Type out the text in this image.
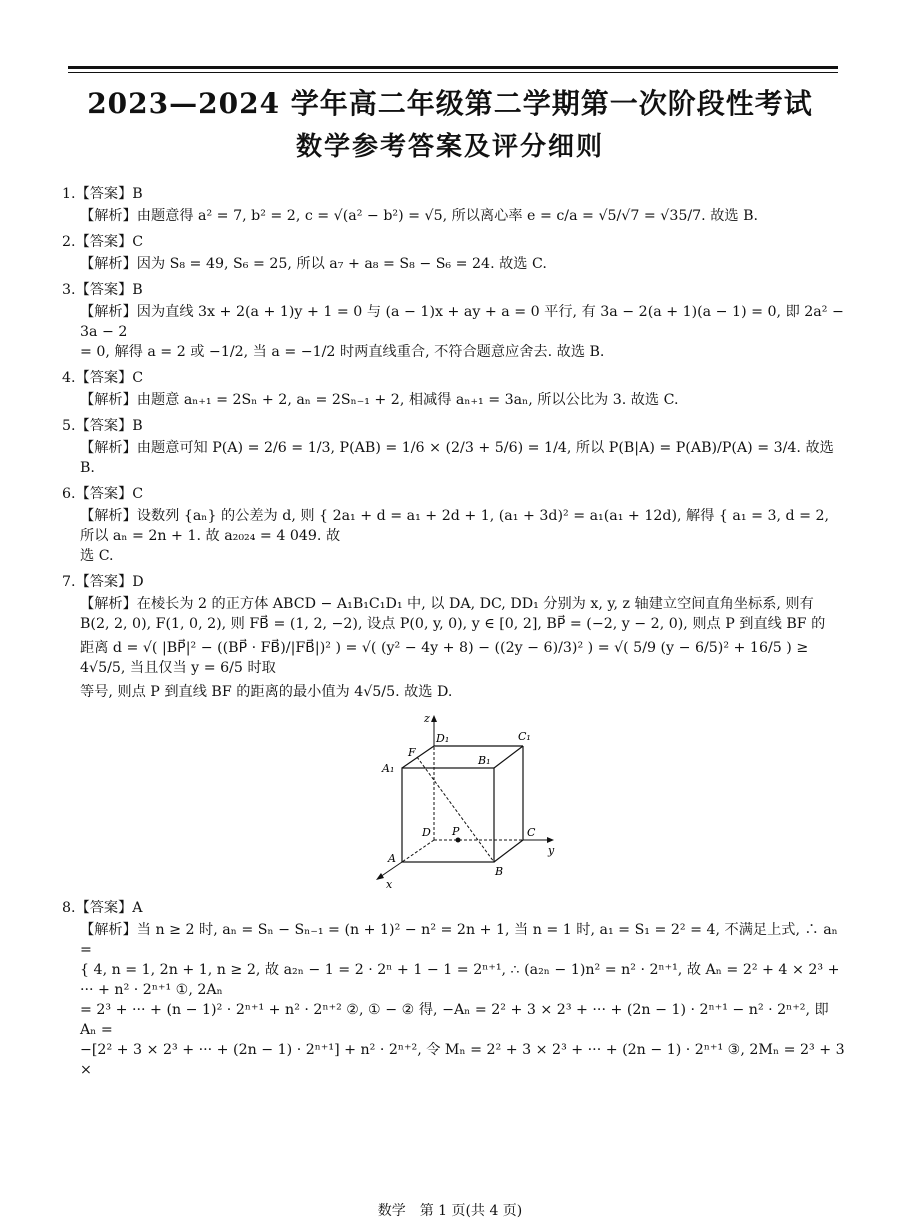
2023—2024 学年高二年级第二学期第一次阶段性考试
数学参考答案及评分细则
1.【答案】B
【解析】由题意得 a² = 7, b² = 2, c = √(a² − b²) = √5, 所以离心率 e = c/a = √5/√7 = √35/7. 故选 B.
2.【答案】C
【解析】因为 S₈ = 49, S₆ = 25, 所以 a₇ + a₈ = S₈ − S₆ = 24. 故选 C.
3.【答案】B
【解析】因为直线 3x + 2(a + 1)y + 1 = 0 与 (a − 1)x + ay + a = 0 平行, 有 3a − 2(a + 1)(a − 1) = 0, 即 2a² − 3a − 2
= 0, 解得 a = 2 或 −1/2, 当 a = −1/2 时两直线重合, 不符合题意应舍去. 故选 B.
4.【答案】C
【解析】由题意 aₙ₊₁ = 2Sₙ + 2, aₙ = 2Sₙ₋₁ + 2, 相减得 aₙ₊₁ = 3aₙ, 所以公比为 3. 故选 C.
5.【答案】B
【解析】由题意可知 P(A) = 2/6 = 1/3, P(AB) = 1/6 × (2/3 + 5/6) = 1/4, 所以 P(B|A) = P(AB)/P(A) = 3/4. 故选 B.
6.【答案】C
【解析】设数列 {aₙ} 的公差为 d, 则 { 2a₁ + d = a₁ + 2d + 1, (a₁ + 3d)² = a₁(a₁ + 12d), 解得 { a₁ = 3, d = 2, 所以 aₙ = 2n + 1. 故 a₂₀₂₄ = 4 049. 故
选 C.
7.【答案】D
【解析】在棱长为 2 的正方体 ABCD − A₁B₁C₁D₁ 中, 以 DA, DC, DD₁ 分别为 x, y, z 轴建立空间直角坐标系, 则有
B(2, 2, 0), F(1, 0, 2), 则 FB⃗ = (1, 2, −2), 设点 P(0, y, 0), y ∈ [0, 2], BP⃗ = (−2, y − 2, 0), 则点 P 到直线 BF 的
距离 d = √( |BP⃗|² − ((BP⃗ · FB⃗)/|FB⃗|)² ) = √( (y² − 4y + 8) − ((2y − 6)/3)² ) = √( 5/9 (y − 6/5)² + 16/5 ) ≥ 4√5/5, 当且仅当 y = 6/5 时取
等号, 则点 P 到直线 BF 的距离的最小值为 4√5/5. 故选 D.
z
D₁	C₁
A₁
F
B₁
D P	C
y
A
B
x
8.【答案】A
【解析】当 n ≥ 2 时, aₙ = Sₙ − Sₙ₋₁ = (n + 1)² − n² = 2n + 1, 当 n = 1 时, a₁ = S₁ = 2² = 4, 不满足上式, ∴ aₙ =
{ 4, n = 1, 2n + 1, n ≥ 2, 故 a₂ₙ − 1 = 2 · 2ⁿ + 1 − 1 = 2ⁿ⁺¹, ∴ (a₂ₙ − 1)n² = n² · 2ⁿ⁺¹, 故 Aₙ = 2² + 4 × 2³ + ··· + n² · 2ⁿ⁺¹ ①, 2Aₙ
= 2³ + ··· + (n − 1)² · 2ⁿ⁺¹ + n² · 2ⁿ⁺² ②, ① − ② 得, −Aₙ = 2² + 3 × 2³ + ··· + (2n − 1) · 2ⁿ⁺¹ − n² · 2ⁿ⁺², 即 Aₙ =
−[2² + 3 × 2³ + ··· + (2n − 1) · 2ⁿ⁺¹] + n² · 2ⁿ⁺², 令 Mₙ = 2² + 3 × 2³ + ··· + (2n − 1) · 2ⁿ⁺¹ ③, 2Mₙ = 2³ + 3 ×
数学　第 1 页(共 4 页)
